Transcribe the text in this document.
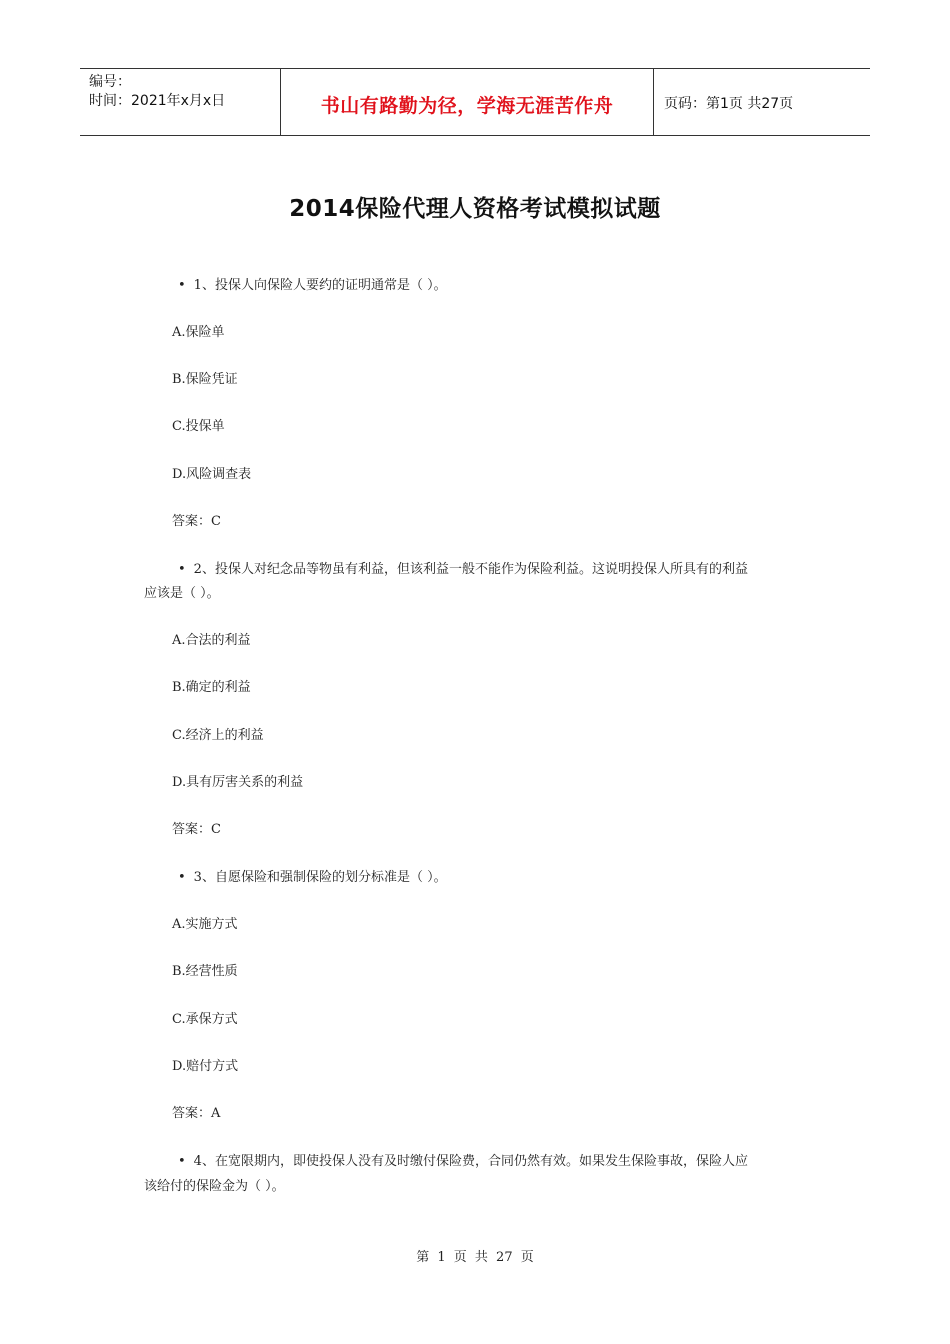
编号：
时间：2021年x月x日	书山有路勤为径，学海无涯苦作舟	页码：第1页 共27页
2014保险代理人资格考试模拟试题
• 1、投保人向保险人要约的证明通常是（ ）。
A.保险单
B.保险凭证
C.投保单
D.风险调查表
答案：C
• 2、投保人对纪念品等物虽有利益，但该利益一般不能作为保险利益。这说明投保人所具有的利益
应该是（ ）。
A.合法的利益
B.确定的利益
C.经济上的利益
D.具有厉害关系的利益
答案：C
• 3、自愿保险和强制保险的划分标准是（ ）。
A.实施方式
B.经营性质
C.承保方式
D.赔付方式
答案：A
• 4、在宽限期内，即使投保人没有及时缴付保险费，合同仍然有效。如果发生保险事故，保险人应
该给付的保险金为（ ）。
第 1 页 共 27 页
